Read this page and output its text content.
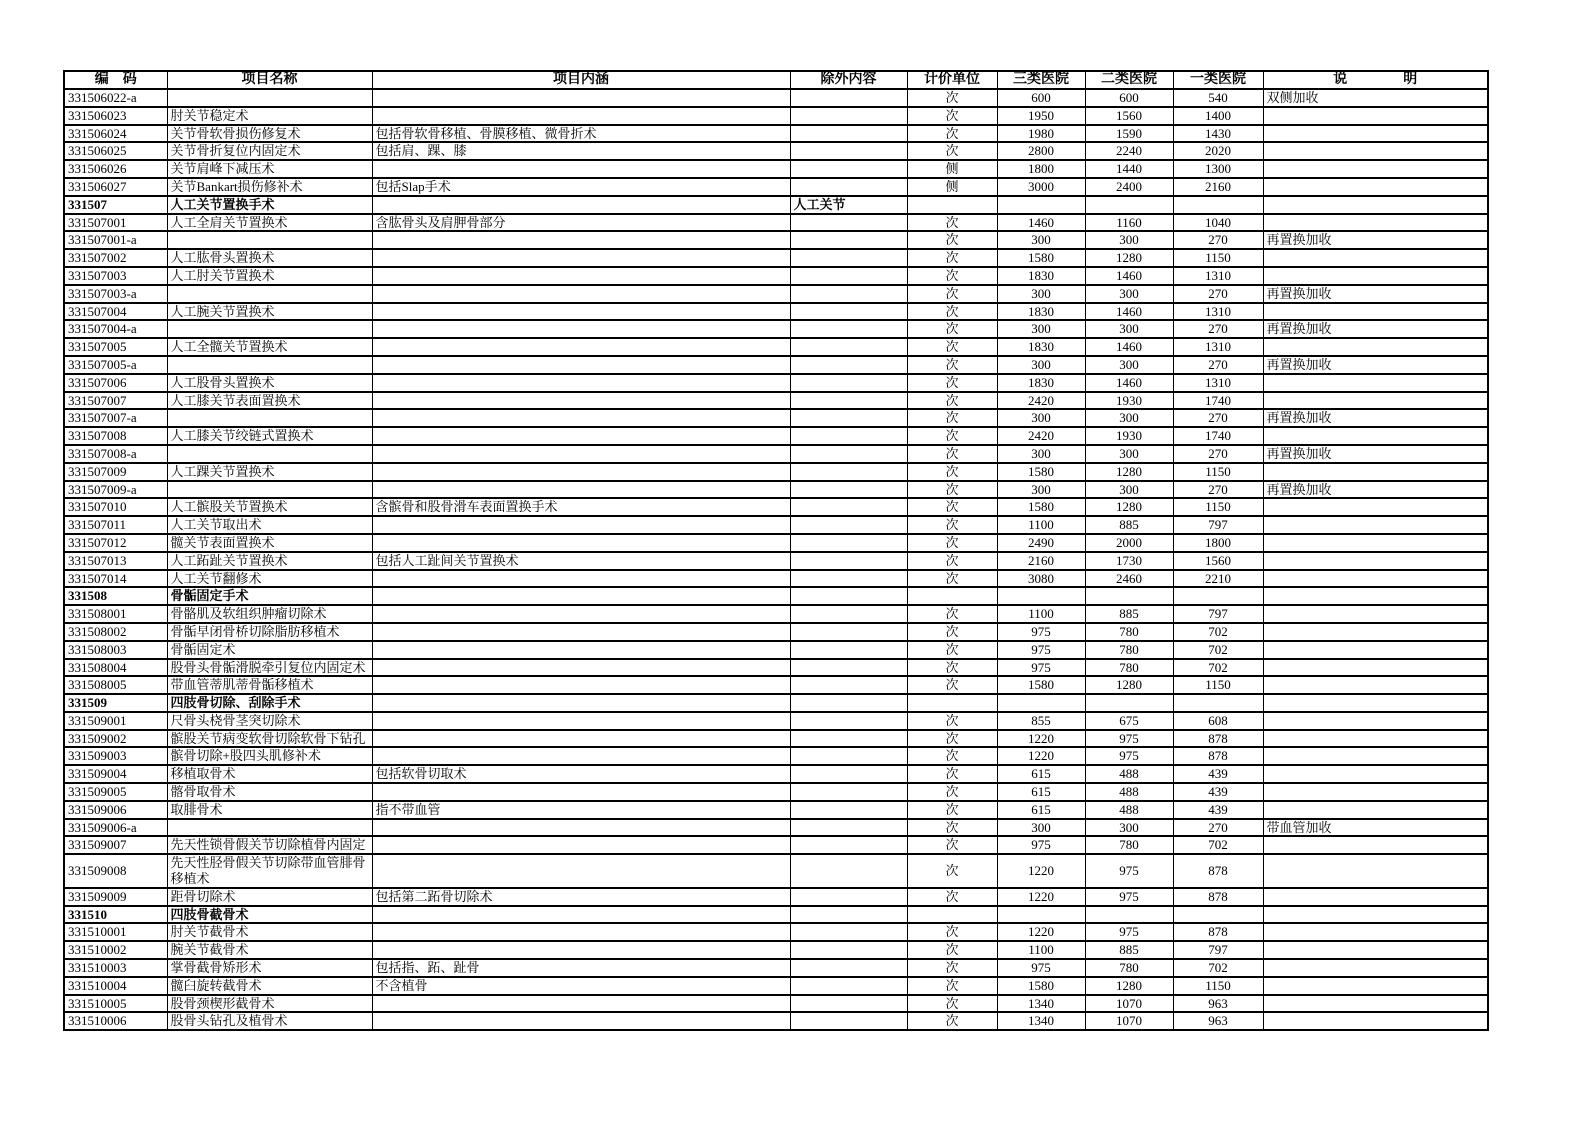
编　码	项目名称	项目内涵	除外内容	计价单位	三类医院	二类医院	一类医院	说　　　　明
331506022-a				次	600	600	540	双侧加收
331506023	肘关节稳定术			次	1950	1560	1400	
331506024	关节骨软骨损伤修复术	包括骨软骨移植、骨膜移植、微骨折术		次	1980	1590	1430	
331506025	关节骨折复位内固定术	包括肩、踝、膝		次	2800	2240	2020	
331506026	关节肩峰下减压术			侧	1800	1440	1300	
331506027	关节Bankart损伤修补术	包括Slap手术		侧	3000	2400	2160	
331507	人工关节置换手术		人工关节					
331507001	人工全肩关节置换术	含肱骨头及肩胛骨部分		次	1460	1160	1040	
331507001-a				次	300	300	270	再置换加收
331507002	人工肱骨头置换术			次	1580	1280	1150	
331507003	人工肘关节置换术			次	1830	1460	1310	
331507003-a				次	300	300	270	再置换加收
331507004	人工腕关节置换术			次	1830	1460	1310	
331507004-a				次	300	300	270	再置换加收
331507005	人工全髋关节置换术			次	1830	1460	1310	
331507005-a				次	300	300	270	再置换加收
331507006	人工股骨头置换术			次	1830	1460	1310	
331507007	人工膝关节表面置换术			次	2420	1930	1740	
331507007-a				次	300	300	270	再置换加收
331507008	人工膝关节绞链式置换术			次	2420	1930	1740	
331507008-a				次	300	300	270	再置换加收
331507009	人工踝关节置换术			次	1580	1280	1150	
331507009-a				次	300	300	270	再置换加收
331507010	人工髌股关节置换术	含髌骨和股骨滑车表面置换手术		次	1580	1280	1150	
331507011	人工关节取出术			次	1100	885	797	
331507012	髋关节表面置换术			次	2490	2000	1800	
331507013	人工跖趾关节置换术	包括人工趾间关节置换术		次	2160	1730	1560	
331507014	人工关节翻修术			次	3080	2460	2210	
331508	骨骺固定手术							
331508001	骨骼肌及软组织肿瘤切除术			次	1100	885	797	
331508002	骨骺早闭骨桥切除脂肪移植术			次	975	780	702	
331508003	骨骺固定术			次	975	780	702	
331508004	股骨头骨骺滑脱牵引复位内固定术			次	975	780	702	
331508005	带血管蒂肌蒂骨骺移植术			次	1580	1280	1150	
331509	四肢骨切除、刮除手术							
331509001	尺骨头桡骨茎突切除术			次	855	675	608	
331509002	髌股关节病变软骨切除软骨下钻孔			次	1220	975	878	
331509003	髌骨切除+股四头肌修补术			次	1220	975	878	
331509004	移植取骨术	包括软骨切取术		次	615	488	439	
331509005	髂骨取骨术			次	615	488	439	
331509006	取腓骨术	指不带血管		次	615	488	439	
331509006-a				次	300	300	270	带血管加收
331509007	先天性锁骨假关节切除植骨内固定			次	975	780	702	
331509008	先天性胫骨假关节切除带血管腓骨移植术			次	1220	975	878	
331509009	距骨切除术	包括第二跖骨切除术		次	1220	975	878	
331510	四肢骨截骨术							
331510001	肘关节截骨术			次	1220	975	878	
331510002	腕关节截骨术			次	1100	885	797	
331510003	掌骨截骨矫形术	包括指、跖、趾骨		次	975	780	702	
331510004	髋臼旋转截骨术	不含植骨		次	1580	1280	1150	
331510005	股骨颈楔形截骨术			次	1340	1070	963	
331510006	股骨头钻孔及植骨术			次	1340	1070	963	
